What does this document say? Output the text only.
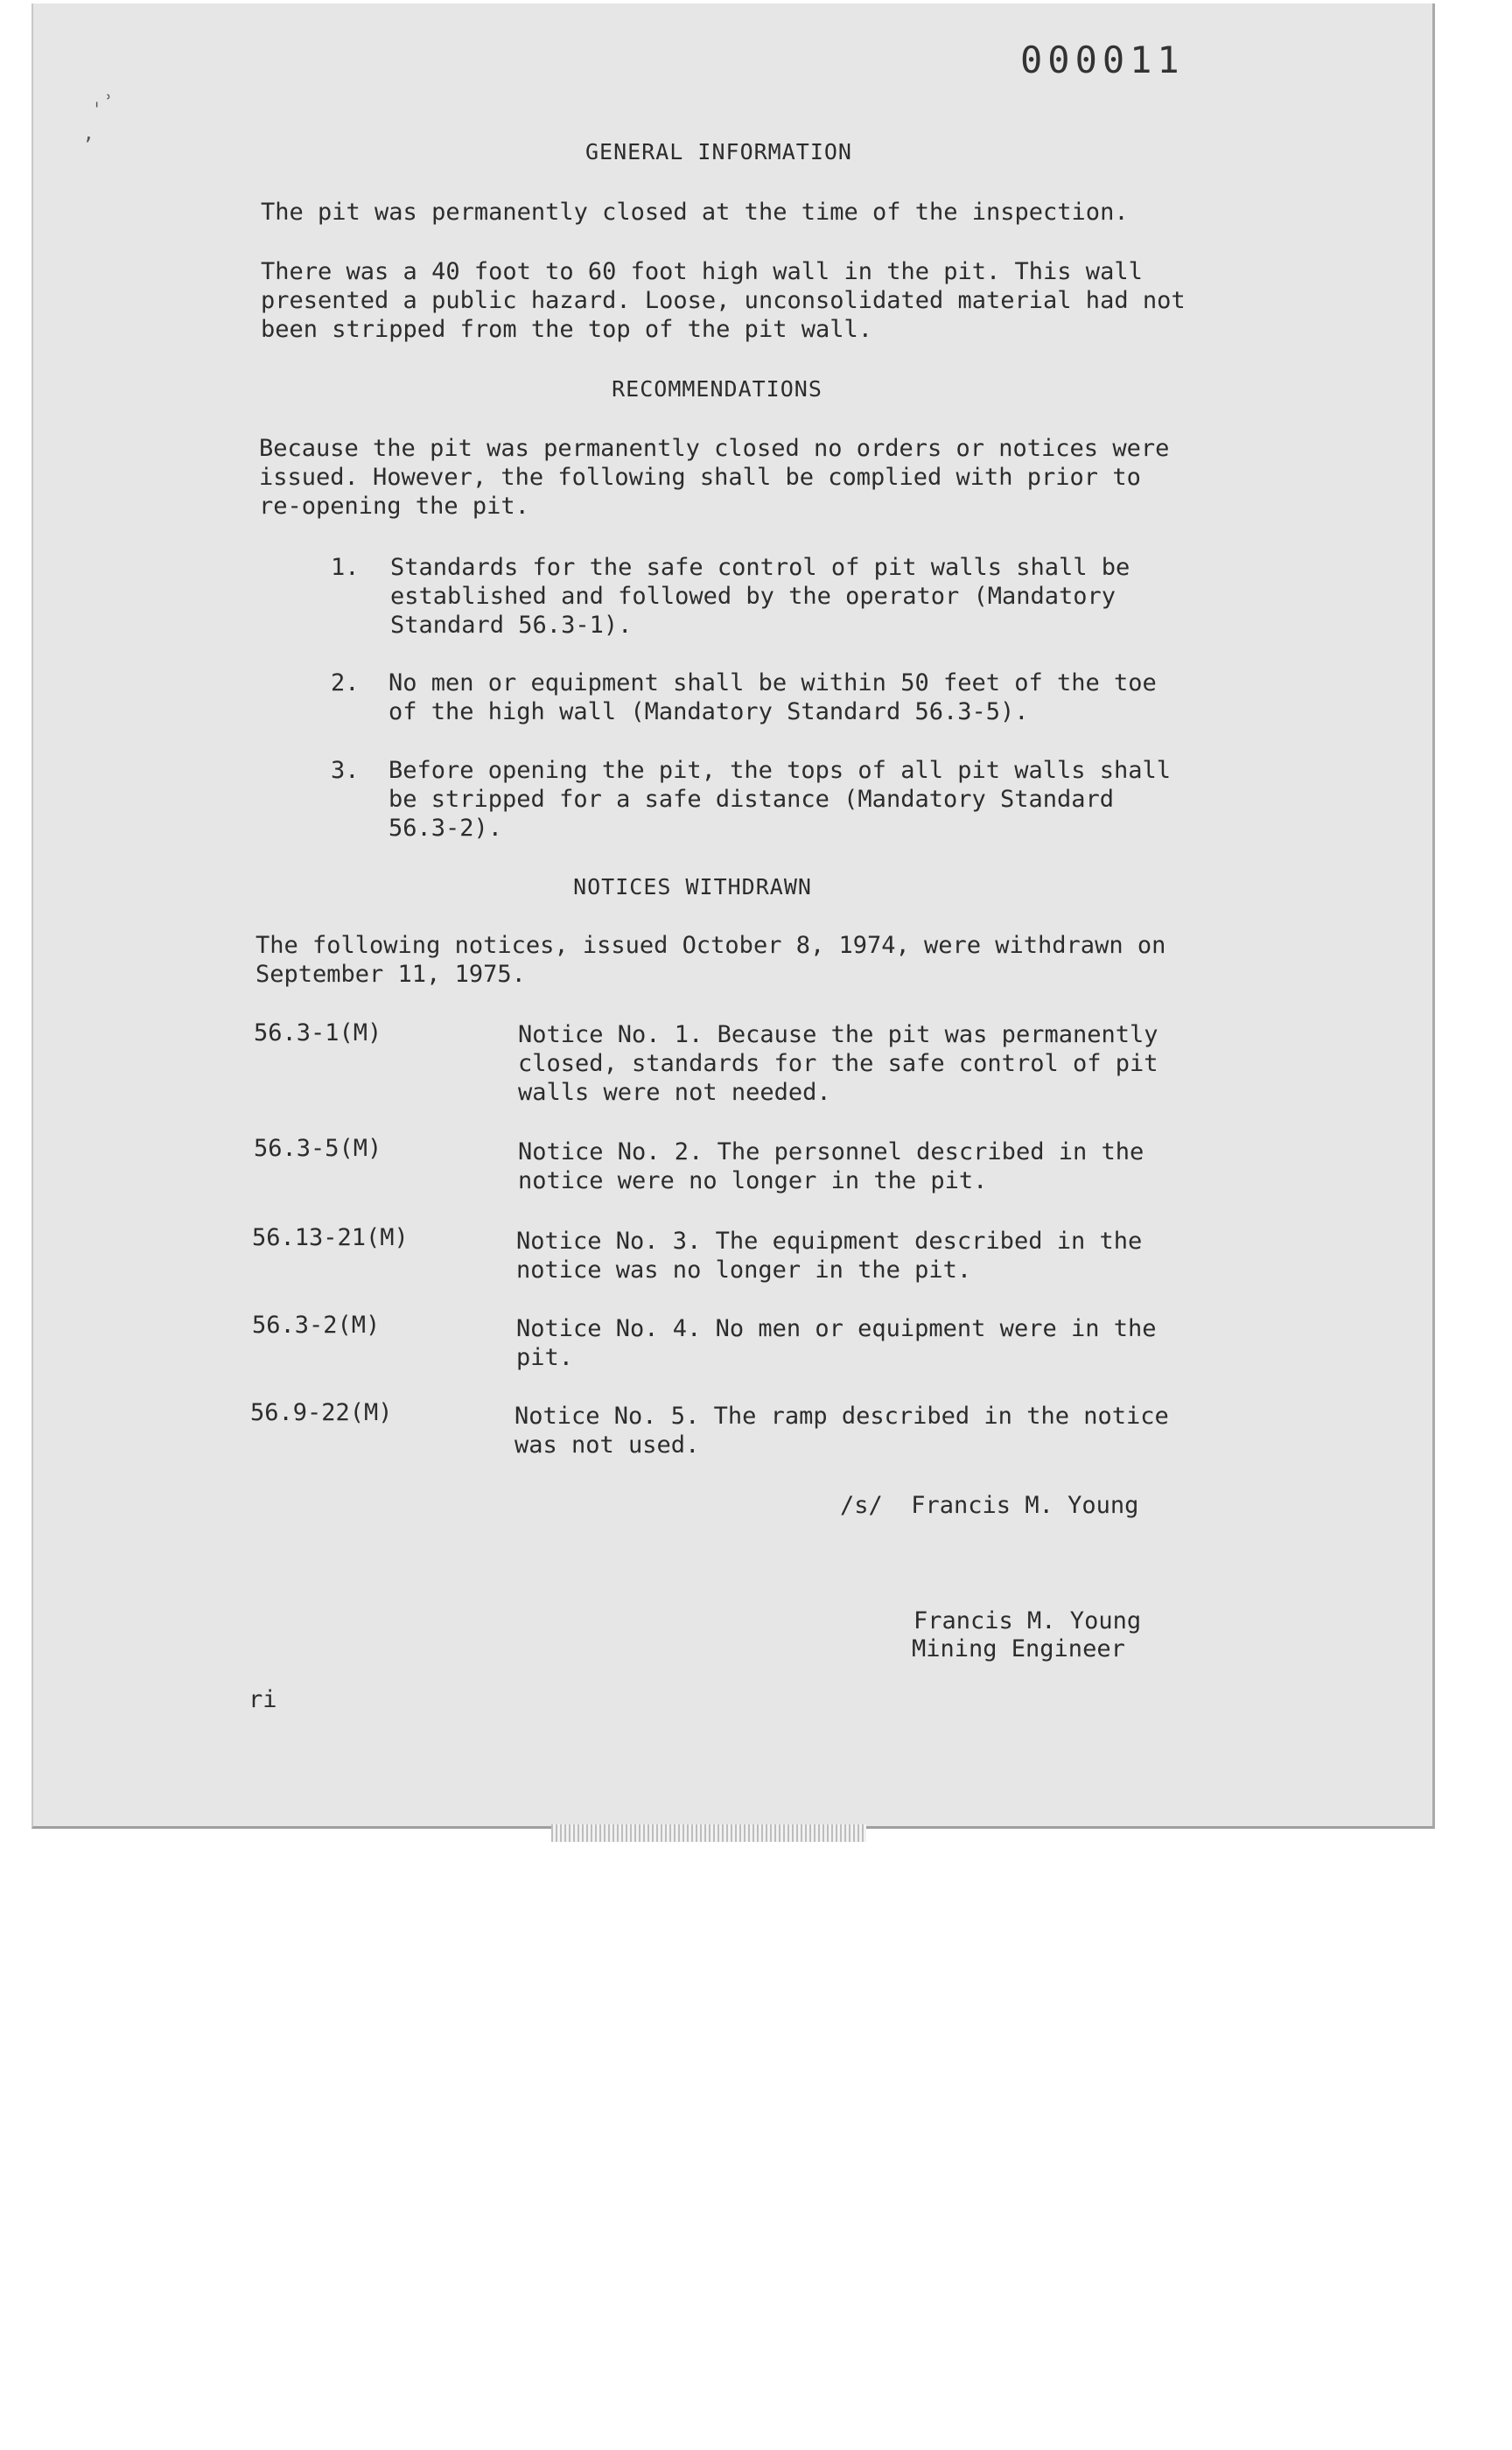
000011
ˌ˒
ʼ	GENERAL INFORMATION
The pit was permanently closed at the time of the inspection.
There was a 40 foot to 60 foot high wall in the pit. This wall
presented a public hazard. Loose, unconsolidated material had not
been stripped from the top of the pit wall.
RECOMMENDATIONS
Because the pit was permanently closed no orders or notices were
issued. However, the following shall be complied with prior to
re-opening the pit.
1. Standards for the safe control of pit walls shall be
established and followed by the operator (Mandatory
Standard 56.3-1).
2. No men or equipment shall be within 50 feet of the toe
of the high wall (Mandatory Standard 56.3-5).
3. Before opening the pit, the tops of all pit walls shall
be stripped for a safe distance (Mandatory Standard
56.3-2).
NOTICES WITHDRAWN
The following notices, issued October 8, 1974, were withdrawn on
September 11, 1975.
56.3-1(M)	Notice No. 1. Because the pit was permanently
closed, standards for the safe control of pit
walls were not needed.
56.3-5(M)	Notice No. 2. The personnel described in the
notice were no longer in the pit.
56.13-21(M)	Notice No. 3. The equipment described in the
notice was no longer in the pit.
56.3-2(M)	Notice No. 4. No men or equipment were in the
pit.
56.9-22(M)	Notice No. 5. The ramp described in the notice
was not used.
/s/  Francis M. Young
Francis M. Young
Mining Engineer
ri
